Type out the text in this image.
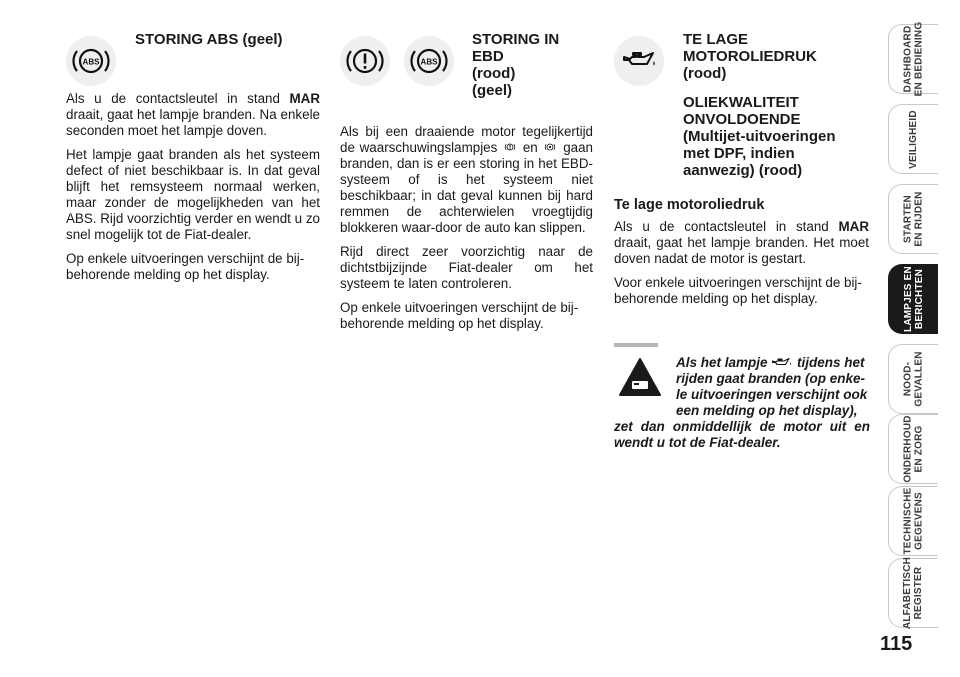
ABS
STORING ABS (geel)

Als u de contactsleutel in stand MAR draait, gaat het lampje branden. Na enkele seconden moet het lampje doven.

Het lampje gaat branden als het systeem defect of niet beschikbaar is. In dat geval blijft het remsysteem normaal werken, maar zonder de mogelijkheden van het ABS. Rijd voorzichtig verder en wendt u zo snel mogelijk tot de Fiat-dealer.

Op enkele uitvoeringen verschijnt de bij-behorende melding op het display.

ABS
STORING IN
EBD
(rood)
(geel)

Als bij een draaiende motor tegelijkertijd de waarschuwingslampjes  en  gaan branden, dan is er een storing in het EBD-systeem of is het systeem niet beschikbaar; in dat geval kunnen bij hard remmen de achterwielen vroegtijdig blokkeren waar-door de auto kan slippen.

Rijd direct zeer voorzichtig naar de dichtstbijzijnde Fiat-dealer om het systeem te laten controleren.

Op enkele uitvoeringen verschijnt de bij-behorende melding op het display.

TE LAGE
MOTOROLIEDRUK
(rood)
OLIEKWALITEIT
ONVOLDOENDE
(Multijet-uitvoeringen
met DPF, indien
aanwezig) (rood)
Te lage motoroliedruk

Als u de contactsleutel in stand MAR draait, gaat het lampje branden. Het moet doven nadat de motor is gestart.

Voor enkele uitvoeringen verschijnt de bij-behorende melding op het display.

Als het lampje  tijdens het
rijden gaat branden (op enke-
le uitvoeringen verschijnt ook
een melding op het display),
zet dan onmiddellijk de motor uit en wendt u tot de Fiat-dealer.
DASHBOARD
EN BEDIENING
VEILIGHEID
STARTEN
EN RIJDEN
LAMPJES EN
BERICHTEN
NOOD-
GEVALLEN
ONDERHOUD
EN ZORG
TECHNISCHE
GEGEVENS
ALFABETISCH
REGISTER
115
